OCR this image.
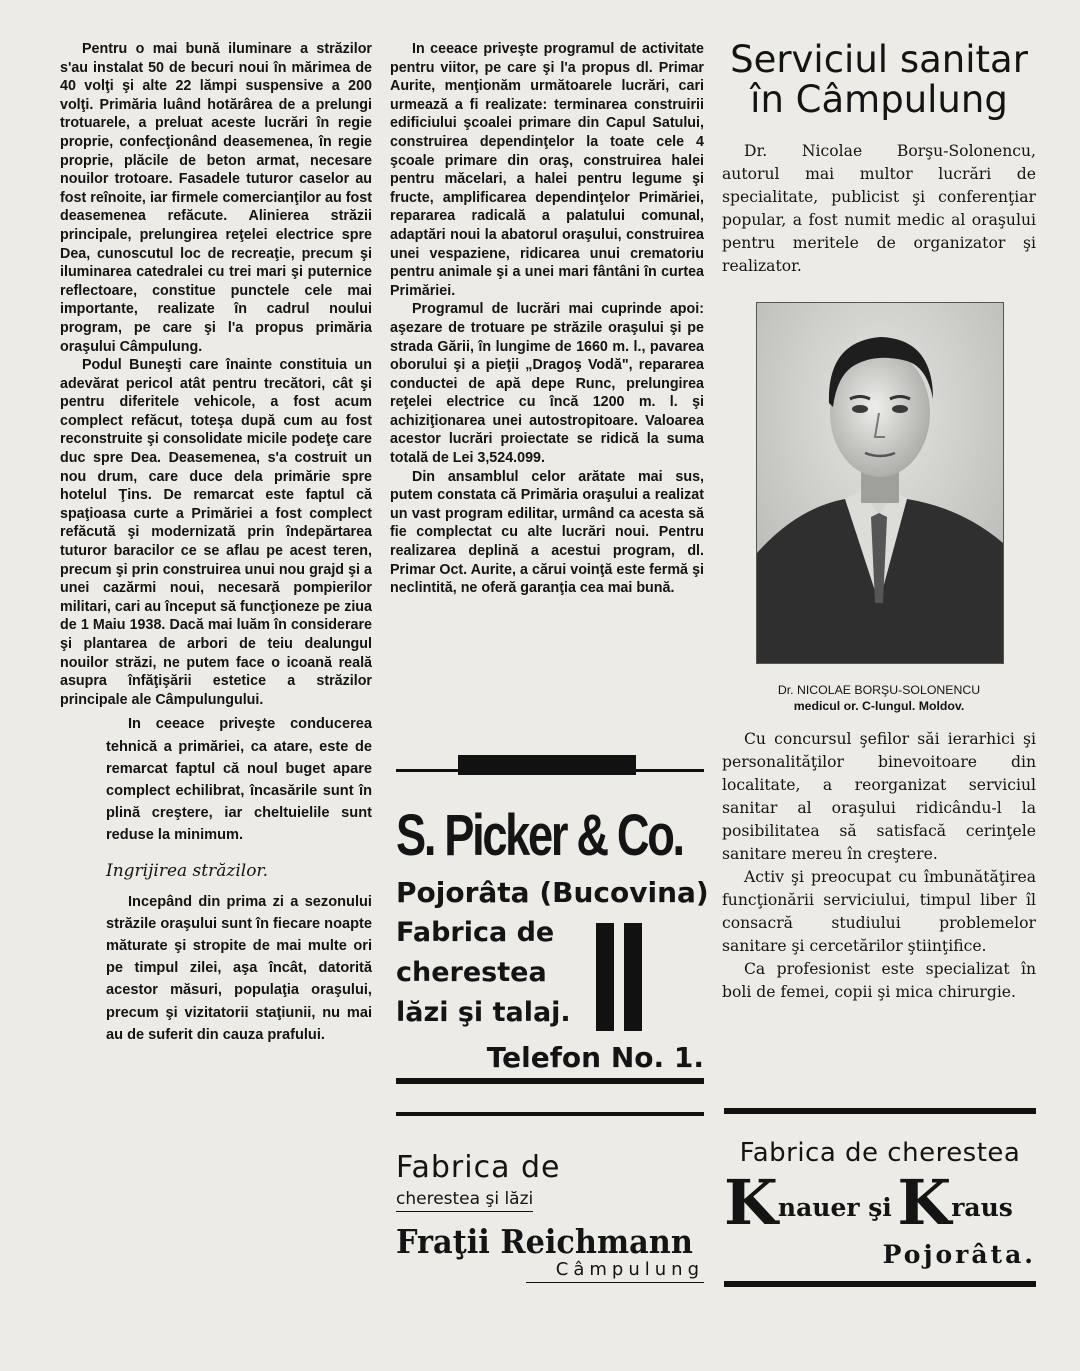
Pentru o mai bună iluminare a străzilor s'au instalat 50 de becuri noui în mărimea de 40 volţi şi alte 22 lămpi suspensive a 200 volţi. Primăria luând hotărârea de a prelungi trotuarele, a preluat aceste lucrări în regie proprie, confecţionând deasemenea, în regie proprie, plăcile de beton armat, necesare nouilor trotoare. Fasadele tuturor caselor au fost reînoite, iar firmele comercianţilor au fost deasemenea refăcute. Alinierea străzii principale, prelungirea reţelei electrice spre Dea, cunoscutul loc de recreaţie, precum şi iluminarea catedralei cu trei mari şi puternice reflectoare, constitue punctele cele mai importante, realizate în cadrul noului program, pe care şi l'a propus primăria oraşului Câmpulung.

Podul Buneşti care înainte constituia un adevărat pericol atât pentru trecători, cât şi pentru diferitele vehicole, a fost acum complect refăcut, toteşa după cum au fost reconstruite şi consolidate micile podeţe care duc spre Dea. Deasemenea, s'a costruit un nou drum, care duce dela primărie spre hotelul Ţins. De remarcat este faptul că spaţioasa curte a Primăriei a fost complect refăcută şi modernizată prin îndepărtarea tuturor baracilor ce se aflau pe acest teren, precum şi prin construirea unui nou grajd şi a unei cazărmi noui, necesară pompierilor militari, cari au început să funcţioneze pe ziua de 1 Maiu 1938. Dacă mai luăm în considerare şi plantarea de arbori de teiu dealungul nouilor străzi, ne putem face o icoană reală asupra înfăţişării estetice a străzilor principale ale Câmpulungului.

In ceeace priveşte conducerea tehnică a primăriei, ca atare, este de remarcat faptul că noul buget apare complect echilibrat, încasările sunt în plină creştere, iar cheltuielile sunt reduse la minimum.

Ingrijirea străzilor.

Incepând din prima zi a sezonului străzile oraşului sunt în fiecare noapte măturate şi stropite de mai multe ori pe timpul zilei, aşa încât, datorită acestor măsuri, populaţia oraşului, precum şi vizitatorii staţiunii, nu mai au de suferit din cauza prafului.

In ceeace priveşte programul de activitate pentru viitor, pe care şi l'a propus dl. Primar Aurite, menţionăm următoarele lucrări, cari urmează a fi realizate: terminarea construirii edificiului şcoalei primare din Capul Satului, construirea dependinţelor la toate cele 4 şcoale primare din oraş, construirea halei pentru măcelari, a halei pentru legume şi fructe, amplificarea dependinţelor Primăriei, repararea radicală a palatului comunal, adaptări noui la abatorul oraşului, construirea unei vespaziene, ridicarea unui crematoriu pentru animale şi a unei mari fântâni în curtea Primăriei.

Programul de lucrări mai cuprinde apoi: aşezare de trotuare pe străzile oraşului şi pe strada Gării, în lungime de 1660 m. l., pavarea oborului şi a pieţii „Dragoş Vodă", repararea conductei de apă depe Runc, prelungirea reţelei electrice cu încă 1200 m. l. şi achiziţionarea unei autostropitoare. Valoarea acestor lucrări proiectate se ridică la suma totală de Lei 3,524.099.

Din ansamblul celor arătate mai sus, putem constata că Primăria oraşului a realizat un vast program edilitar, urmând ca acesta să fie complectat cu alte lucrări noui. Pentru realizarea deplină a acestui program, dl. Primar Oct. Aurite, a cărui voinţă este fermă şi neclintită, ne oferă garanţia cea mai bună.

Serviciul sanitar
în Câmpulung

Dr. Nicolae Borşu-Solonencu, autorul mai multor lucrări de specialitate, publicist şi conferenţiar popular, a fost numit medic al oraşului pentru meritele de organizator şi realizator.

Dr. NICOLAE BORŞU-SOLONENCU
medicul or. C-lungul. Moldov.

Cu concursul şefilor săi ierarhici şi personalităţilor binevoitoare din localitate, a reorganizat serviciul sanitar al oraşului ridicându-l la posibilitatea să satisfacă cerinţele sanitare mereu în creştere.

Activ şi preocupat cu îmbunătăţirea funcţionării serviciului, timpul liber îl consacră studiului problemelor sanitare şi cercetărilor ştiinţifice.

Ca profesionist este specializat în boli de femei, copii şi mica chirurgie.

S. Picker & Co.
Pojorâta (Bucovina)
Fabrica de
cherestea
lăzi şi talaj.
Telefon No. 1.
Fabrica de
cherestea şi lăzi
Fraţii Reichmann
Câmpulung
Fabrica de cherestea
Knauer şi Kraus
Pojorâta.
